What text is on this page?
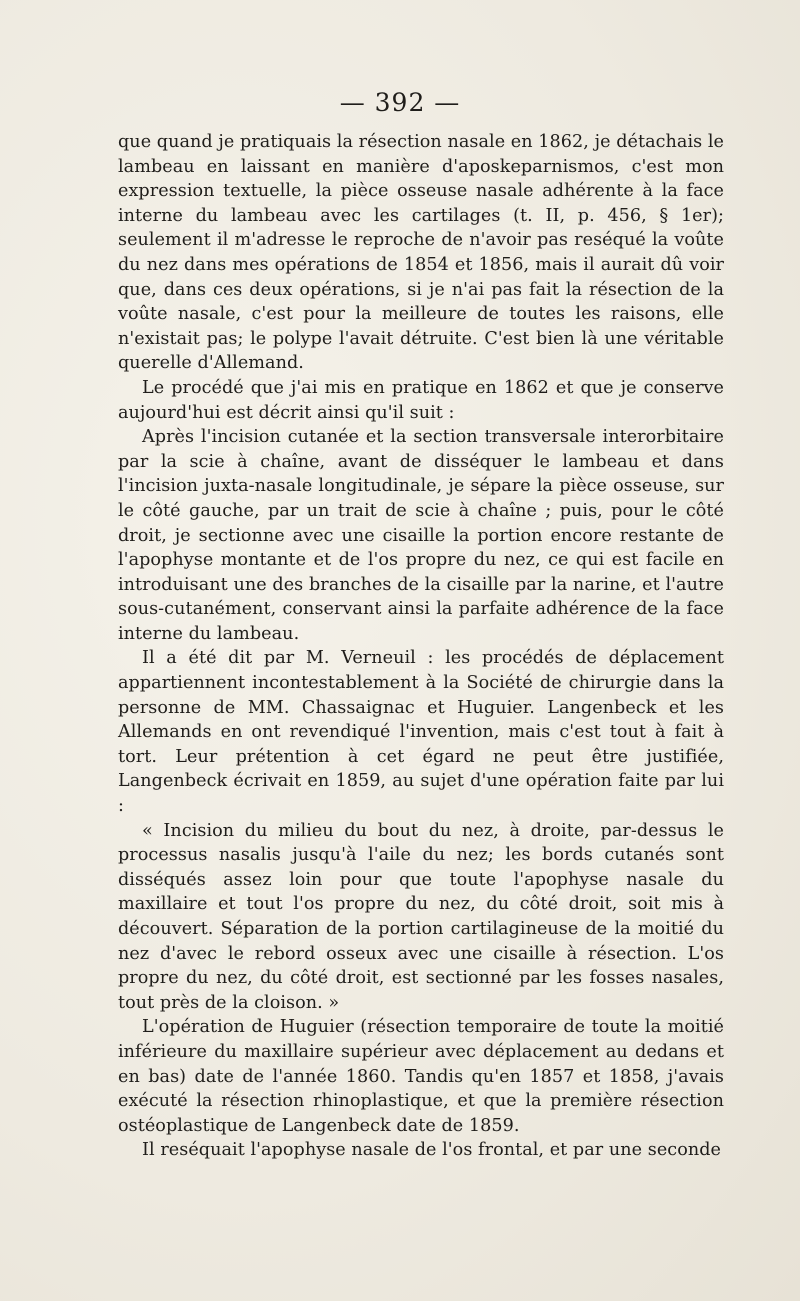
— 392 —

que quand je pratiquais la résection nasale en 1862, je détachais le lambeau en laissant en manière d'aposkeparnismos, c'est mon expression textuelle, la pièce osseuse nasale adhérente à la face interne du lambeau avec les cartilages (t. II, p. 456, § 1er); seulement il m'adresse le reproche de n'avoir pas reséqué la voûte du nez dans mes opérations de 1854 et 1856, mais il aurait dû voir que, dans ces deux opérations, si je n'ai pas fait la résection de la voûte nasale, c'est pour la meilleure de toutes les raisons, elle n'existait pas; le polype l'avait détruite. C'est bien là une véritable querelle d'Allemand.

Le procédé que j'ai mis en pratique en 1862 et que je conserve aujourd'hui est décrit ainsi qu'il suit :

Après l'incision cutanée et la section transversale interorbitaire par la scie à chaîne, avant de disséquer le lambeau et dans l'incision juxta-nasale longitudinale, je sépare la pièce osseuse, sur le côté gauche, par un trait de scie à chaîne ; puis, pour le côté droit, je sectionne avec une cisaille la portion encore restante de l'apophyse montante et de l'os propre du nez, ce qui est facile en introduisant une des branches de la cisaille par la narine, et l'autre sous-cutanément, conservant ainsi la parfaite adhérence de la face interne du lambeau.

Il a été dit par M. Verneuil : les procédés de déplacement appartiennent incontestablement à la Société de chirurgie dans la personne de MM. Chassaignac et Huguier. Langenbeck et les Allemands en ont revendiqué l'invention, mais c'est tout à fait à tort. Leur prétention à cet égard ne peut être justifiée, Langenbeck écrivait en 1859, au sujet d'une opération faite par lui :

« Incision du milieu du bout du nez, à droite, par-dessus le processus nasalis jusqu'à l'aile du nez; les bords cutanés sont disséqués assez loin pour que toute l'apophyse nasale du maxillaire et tout l'os propre du nez, du côté droit, soit mis à découvert. Séparation de la portion cartilagineuse de la moitié du nez d'avec le rebord osseux avec une cisaille à résection. L'os propre du nez, du côté droit, est sectionné par les fosses nasales, tout près de la cloison. »

L'opération de Huguier (résection temporaire de toute la moitié inférieure du maxillaire supérieur avec déplacement au dedans et en bas) date de l'année 1860. Tandis qu'en 1857 et 1858, j'avais exécuté la résection rhinoplastique, et que la première résection ostéoplastique de Langenbeck date de 1859.

Il reséquait l'apophyse nasale de l'os frontal, et par une seconde
